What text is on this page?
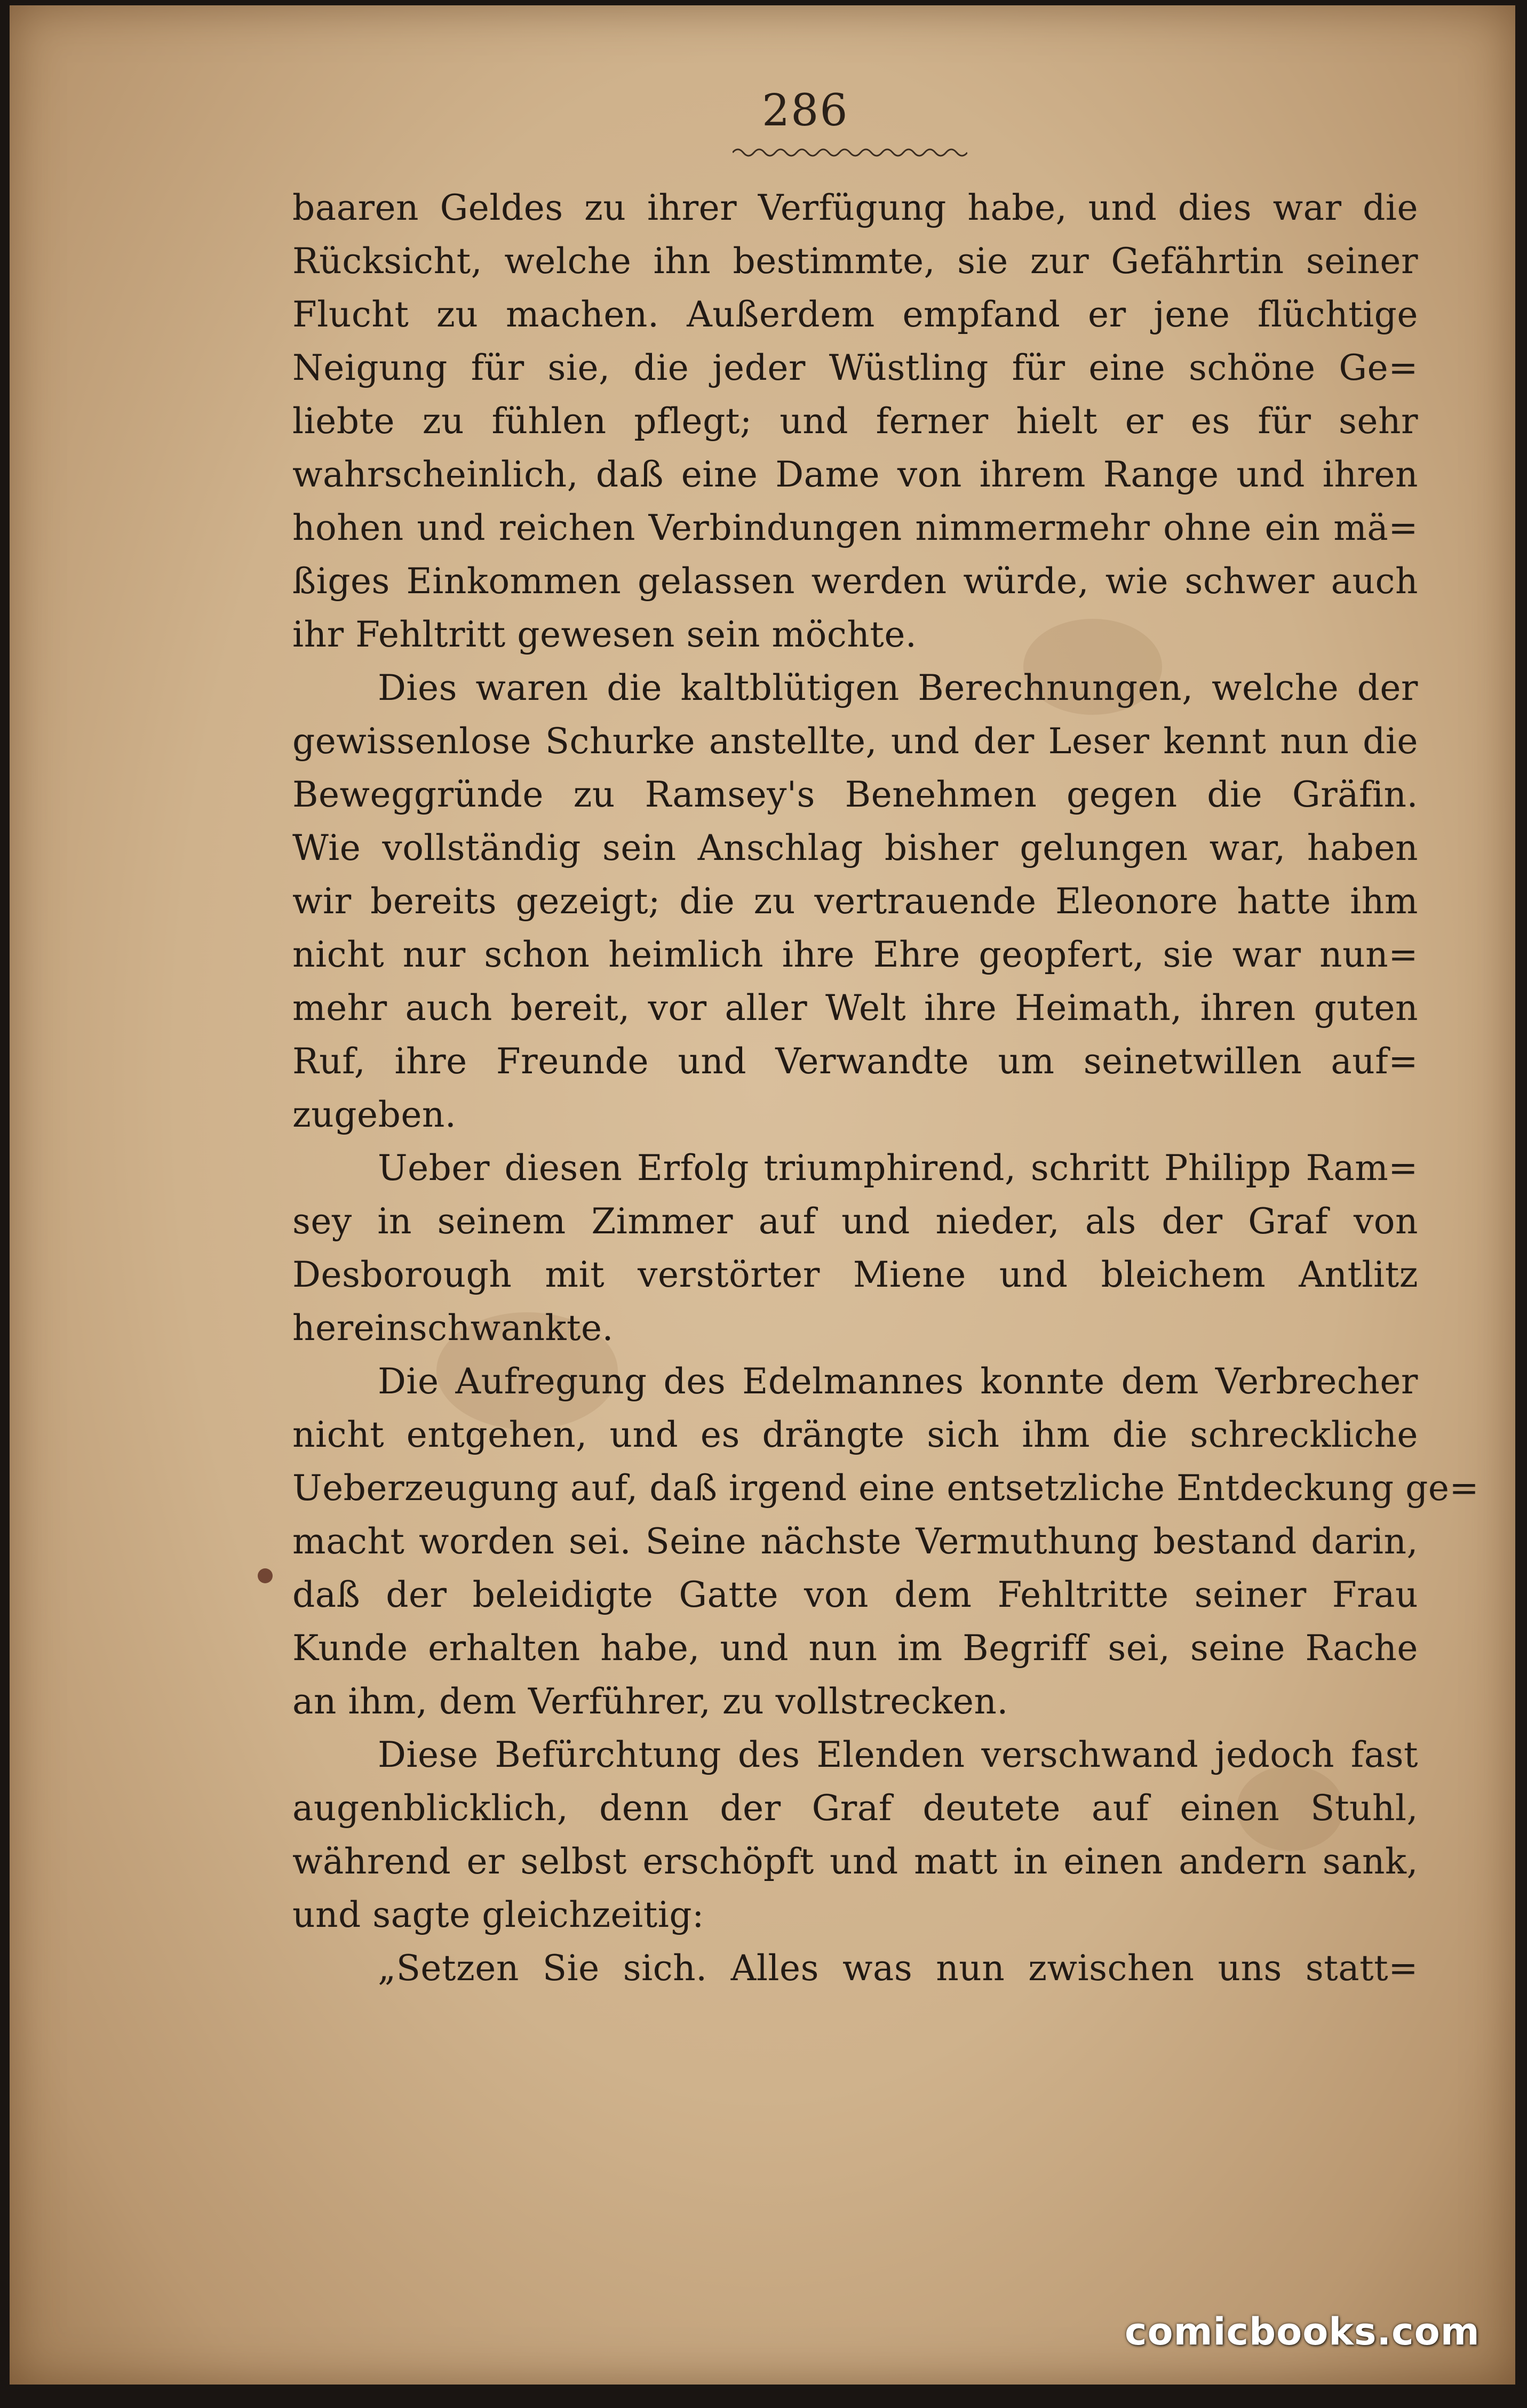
286
baaren Geldes zu ihrer Verfügung habe, und dies war die
Rücksicht, welche ihn bestimmte, sie zur Gefährtin seiner
Flucht zu machen. Außerdem empfand er jene flüchtige
Neigung für sie, die jeder Wüstling für eine schöne Ge=
liebte zu fühlen pflegt; und ferner hielt er es für sehr
wahrscheinlich, daß eine Dame von ihrem Range und ihren
hohen und reichen Verbindungen nimmermehr ohne ein mä=
ßiges Einkommen gelassen werden würde, wie schwer auch
ihr Fehltritt gewesen sein möchte.
Dies waren die kaltblütigen Berechnungen, welche der
gewissenlose Schurke anstellte, und der Leser kennt nun die
Beweggründe zu Ramsey's Benehmen gegen die Gräfin.
Wie vollständig sein Anschlag bisher gelungen war, haben
wir bereits gezeigt; die zu vertrauende Eleonore hatte ihm
nicht nur schon heimlich ihre Ehre geopfert, sie war nun=
mehr auch bereit, vor aller Welt ihre Heimath, ihren guten
Ruf, ihre Freunde und Verwandte um seinetwillen auf=
zugeben.
Ueber diesen Erfolg triumphirend, schritt Philipp Ram=
sey in seinem Zimmer auf und nieder, als der Graf von
Desborough mit verstörter Miene und bleichem Antlitz
hereinschwankte.
Die Aufregung des Edelmannes konnte dem Verbrecher
nicht entgehen, und es drängte sich ihm die schreckliche
Ueberzeugung auf, daß irgend eine entsetzliche Entdeckung ge=
macht worden sei. Seine nächste Vermuthung bestand darin,
daß der beleidigte Gatte von dem Fehltritte seiner Frau
Kunde erhalten habe, und nun im Begriff sei, seine Rache
an ihm, dem Verführer, zu vollstrecken.
Diese Befürchtung des Elenden verschwand jedoch fast
augenblicklich, denn der Graf deutete auf einen Stuhl,
während er selbst erschöpft und matt in einen andern sank,
und sagte gleichzeitig:
„Setzen Sie sich. Alles was nun zwischen uns statt=
comicbooks.com
